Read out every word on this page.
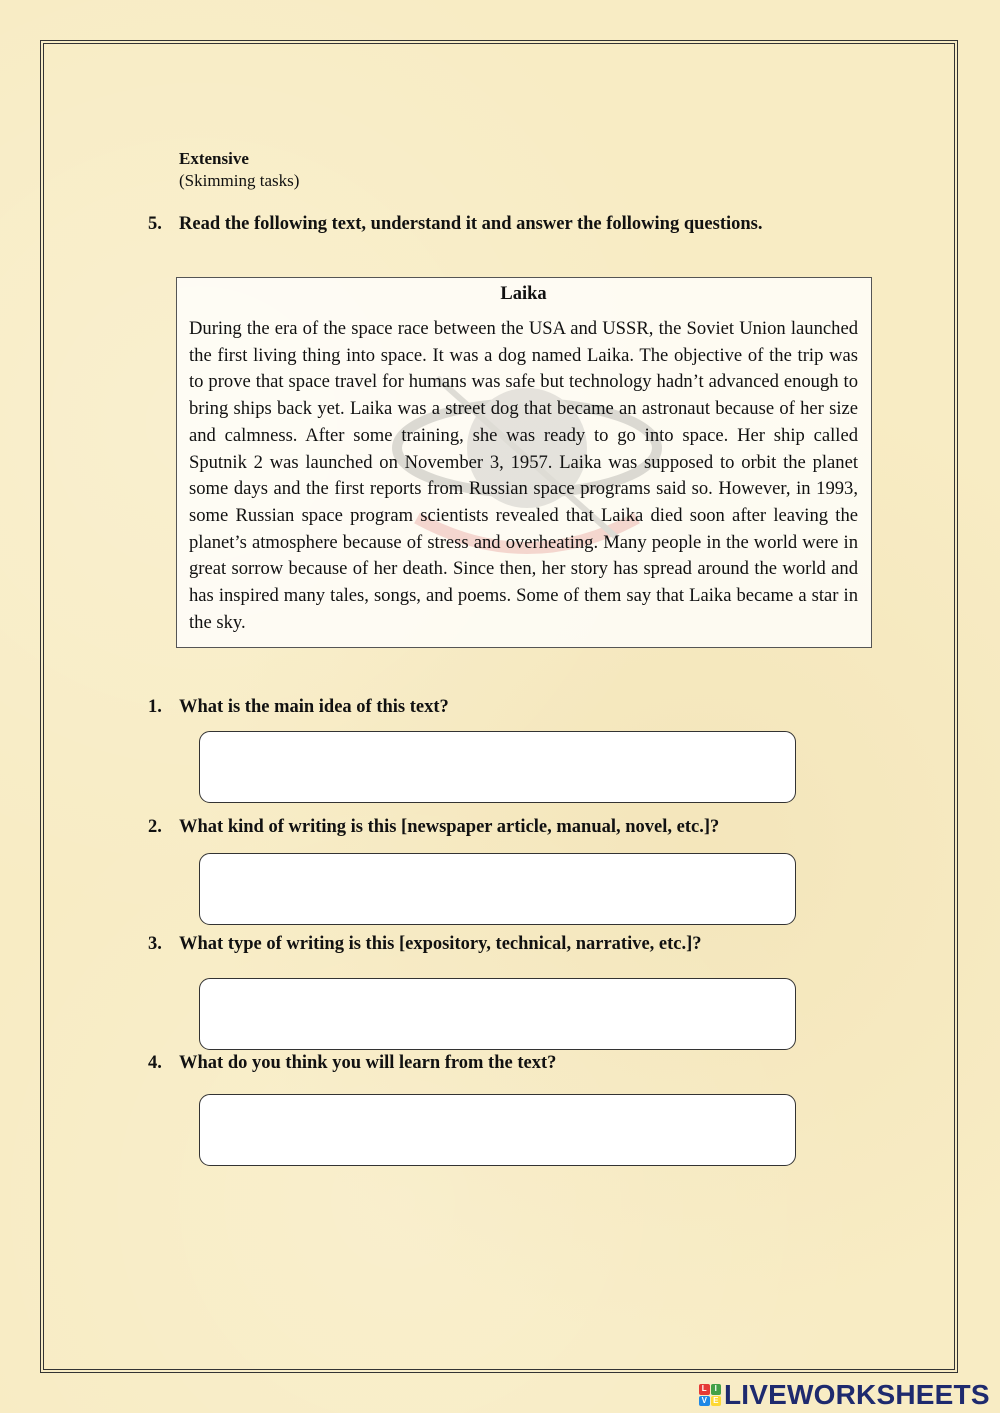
Extensive
(Skimming tasks)
5. Read the following text, understand it and answer the following questions.
Laika

During the era of the space race between the USA and USSR, the Soviet Union launched the first living thing into space. It was a dog named Laika. The objective of the trip was to prove that space travel for humans was safe but technology hadn’t advanced enough to bring ships back yet. Laika was a street dog that became an astronaut because of her size and calmness. After some training, she was ready to go into space. Her ship called Sputnik 2 was launched on November 3, 1957. Laika was supposed to orbit the planet some days and the first reports from Russian space programs said so. However, in 1993, some Russian space program scientists revealed that Laika died soon after leaving the planet’s atmosphere because of stress and overheating. Many people in the world were in great sorrow because of her death. Since then, her story has spread around the world and has inspired many tales, songs, and poems. Some of them say that Laika became a star in the sky.

1. What is the main idea of this text?
2. What kind of writing is this [newspaper article, manual, novel, etc.]?
3. What type of writing is this [expository, technical, narrative, etc.]?
4. What do you think you will learn from the text?
L I
V E LIVEWORKSHEETS
